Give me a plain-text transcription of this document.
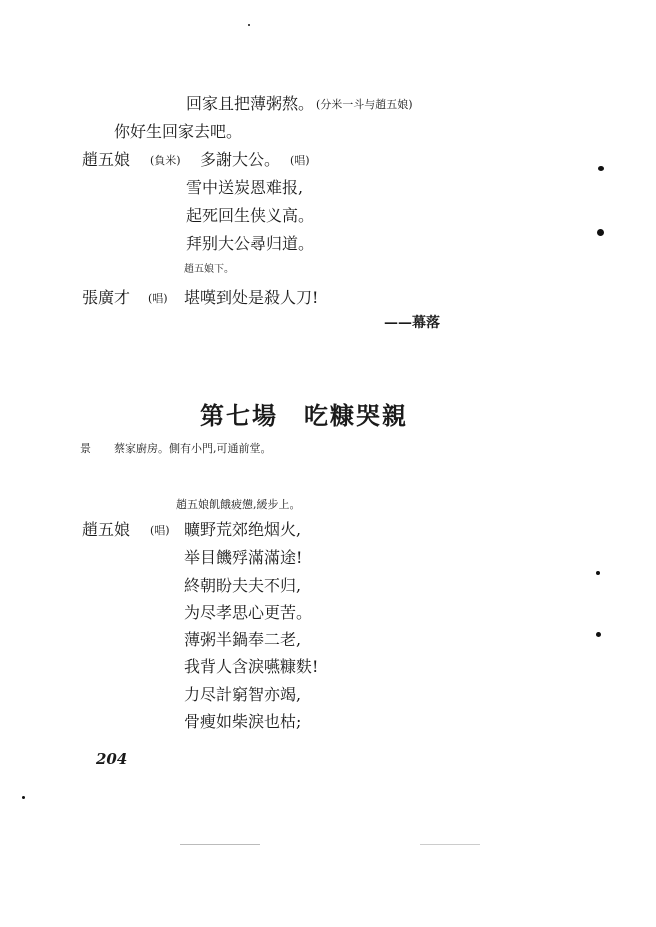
回家且把薄粥熬。 (分米一斗与趙五娘)
你好生回家去吧。
趙五娘 (負米) 多謝大公。 (唱)
雪中送炭恩难报,
起死回生侠义高。
拜别大公尋归道。
趙五娘下。
張廣才 (唱) 堪嘆到处是殺人刀!
——幕落
第七場　吃糠哭親
景 蔡家廚房。側有小門,可通前堂。
趙五娘飢餓疲憊,緩步上。
趙五娘 (唱) 曠野荒郊绝烟火,
举目饑殍滿滿途!
終朝盼夫夫不归,
为尽孝思心更苦。
薄粥半鍋奉二老,
我背人含淚嚥糠麩!
力尽計窮智亦竭,
骨瘦如柴淚也枯;
204
